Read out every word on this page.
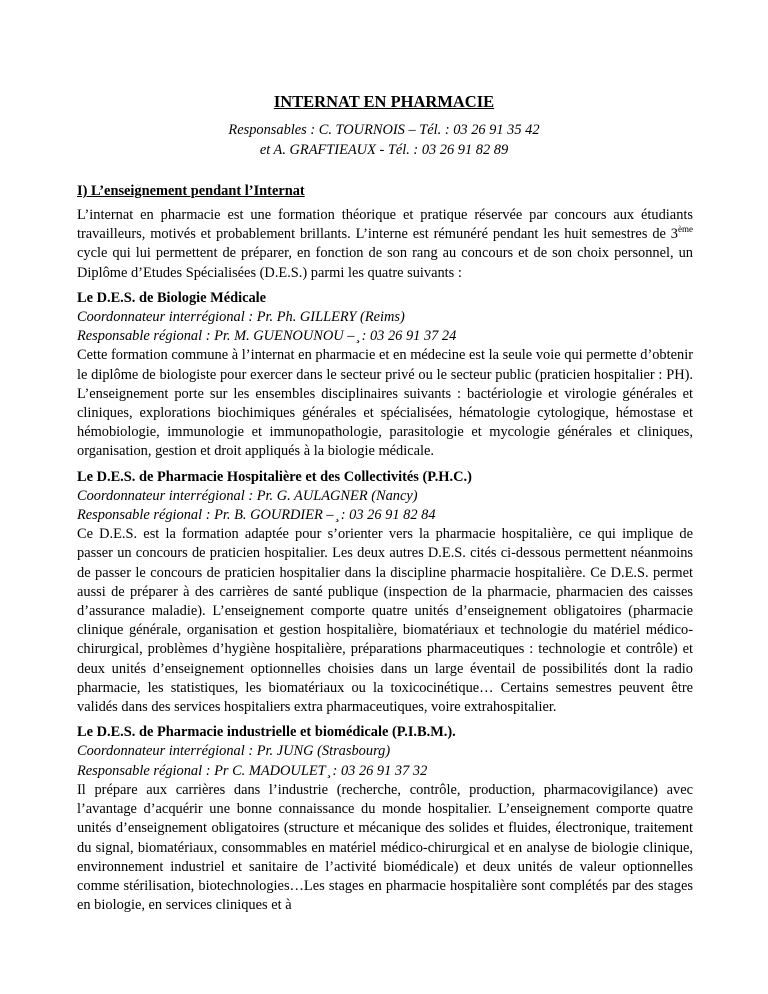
INTERNAT EN PHARMACIE
Responsables : C. TOURNOIS – Tél. : 03 26 91 35 42
et A. GRAFTIEAUX - Tél. : 03 26 91 82 89
I) L’enseignement pendant l’Internat

L’internat en pharmacie est une formation théorique et pratique réservée par concours aux étudiants travailleurs, motivés et probablement brillants. L’interne est rémunéré pendant les huit semestres de 3ème cycle qui lui permettent de préparer, en fonction de son rang au concours et de son choix personnel, un Diplôme d’Etudes Spécialisées (D.E.S.) parmi les quatre suivants :

Le D.E.S. de Biologie Médicale

Coordonnateur interrégional : Pr. Ph. GILLERY (Reims)

Responsable régional : Pr. M. GUENOUNOU – ̧ : 03 26 91 37 24

Cette formation commune à l’internat en pharmacie et en médecine est la seule voie qui permette d’obtenir le diplôme de biologiste pour exercer dans le secteur privé ou le secteur public (praticien hospitalier : PH). L’enseignement porte sur les ensembles disciplinaires suivants : bactériologie et virologie générales et cliniques, explorations biochimiques générales et spécialisées, hématologie cytologique, hémostase et hémobiologie, immunologie et immunopathologie, parasitologie et mycologie générales et cliniques, organisation, gestion et droit appliqués à la biologie médicale.

Le D.E.S. de Pharmacie Hospitalière et des Collectivités (P.H.C.)

Coordonnateur interrégional : Pr. G. AULAGNER (Nancy)

Responsable régional : Pr. B. GOURDIER – ̧ : 03 26 91 82 84

Ce D.E.S. est la formation adaptée pour s’orienter vers la pharmacie hospitalière, ce qui implique de passer un concours de praticien hospitalier. Les deux autres D.E.S. cités ci-dessous permettent néanmoins de passer le concours de praticien hospitalier dans la discipline pharmacie hospitalière. Ce D.E.S. permet aussi de préparer à des carrières de santé publique (inspection de la pharmacie, pharmacien des caisses d’assurance maladie). L’enseignement comporte quatre unités d’enseignement obligatoires (pharmacie clinique générale, organisation et gestion hospitalière, biomatériaux et technologie du matériel médico-chirurgical, problèmes d’hygiène hospitalière, préparations pharmaceutiques : technologie et contrôle) et deux unités d’enseignement optionnelles choisies dans un large éventail de possibilités dont la radio pharmacie, les statistiques, les biomatériaux ou la toxicocinétique… Certains semestres peuvent être validés dans des services hospitaliers extra pharmaceutiques, voire extrahospitalier.

Le D.E.S. de Pharmacie industrielle et biomédicale (P.I.B.M.).

Coordonnateur interrégional : Pr. JUNG (Strasbourg)

Responsable régional : Pr C. MADOULET ̧ : 03 26 91 37 32

Il prépare aux carrières dans l’industrie (recherche, contrôle, production, pharmacovigilance) avec l’avantage d’acquérir une bonne connaissance du monde hospitalier. L’enseignement comporte quatre unités d’enseignement obligatoires (structure et mécanique des solides et fluides, électronique, traitement du signal, biomatériaux, consommables en matériel médico-chirurgical et en analyse de biologie clinique, environnement industriel et sanitaire de l’activité biomédicale) et deux unités de valeur optionnelles comme stérilisation, biotechnologies…Les stages en pharmacie hospitalière sont complétés par des stages en biologie, en services cliniques et à
